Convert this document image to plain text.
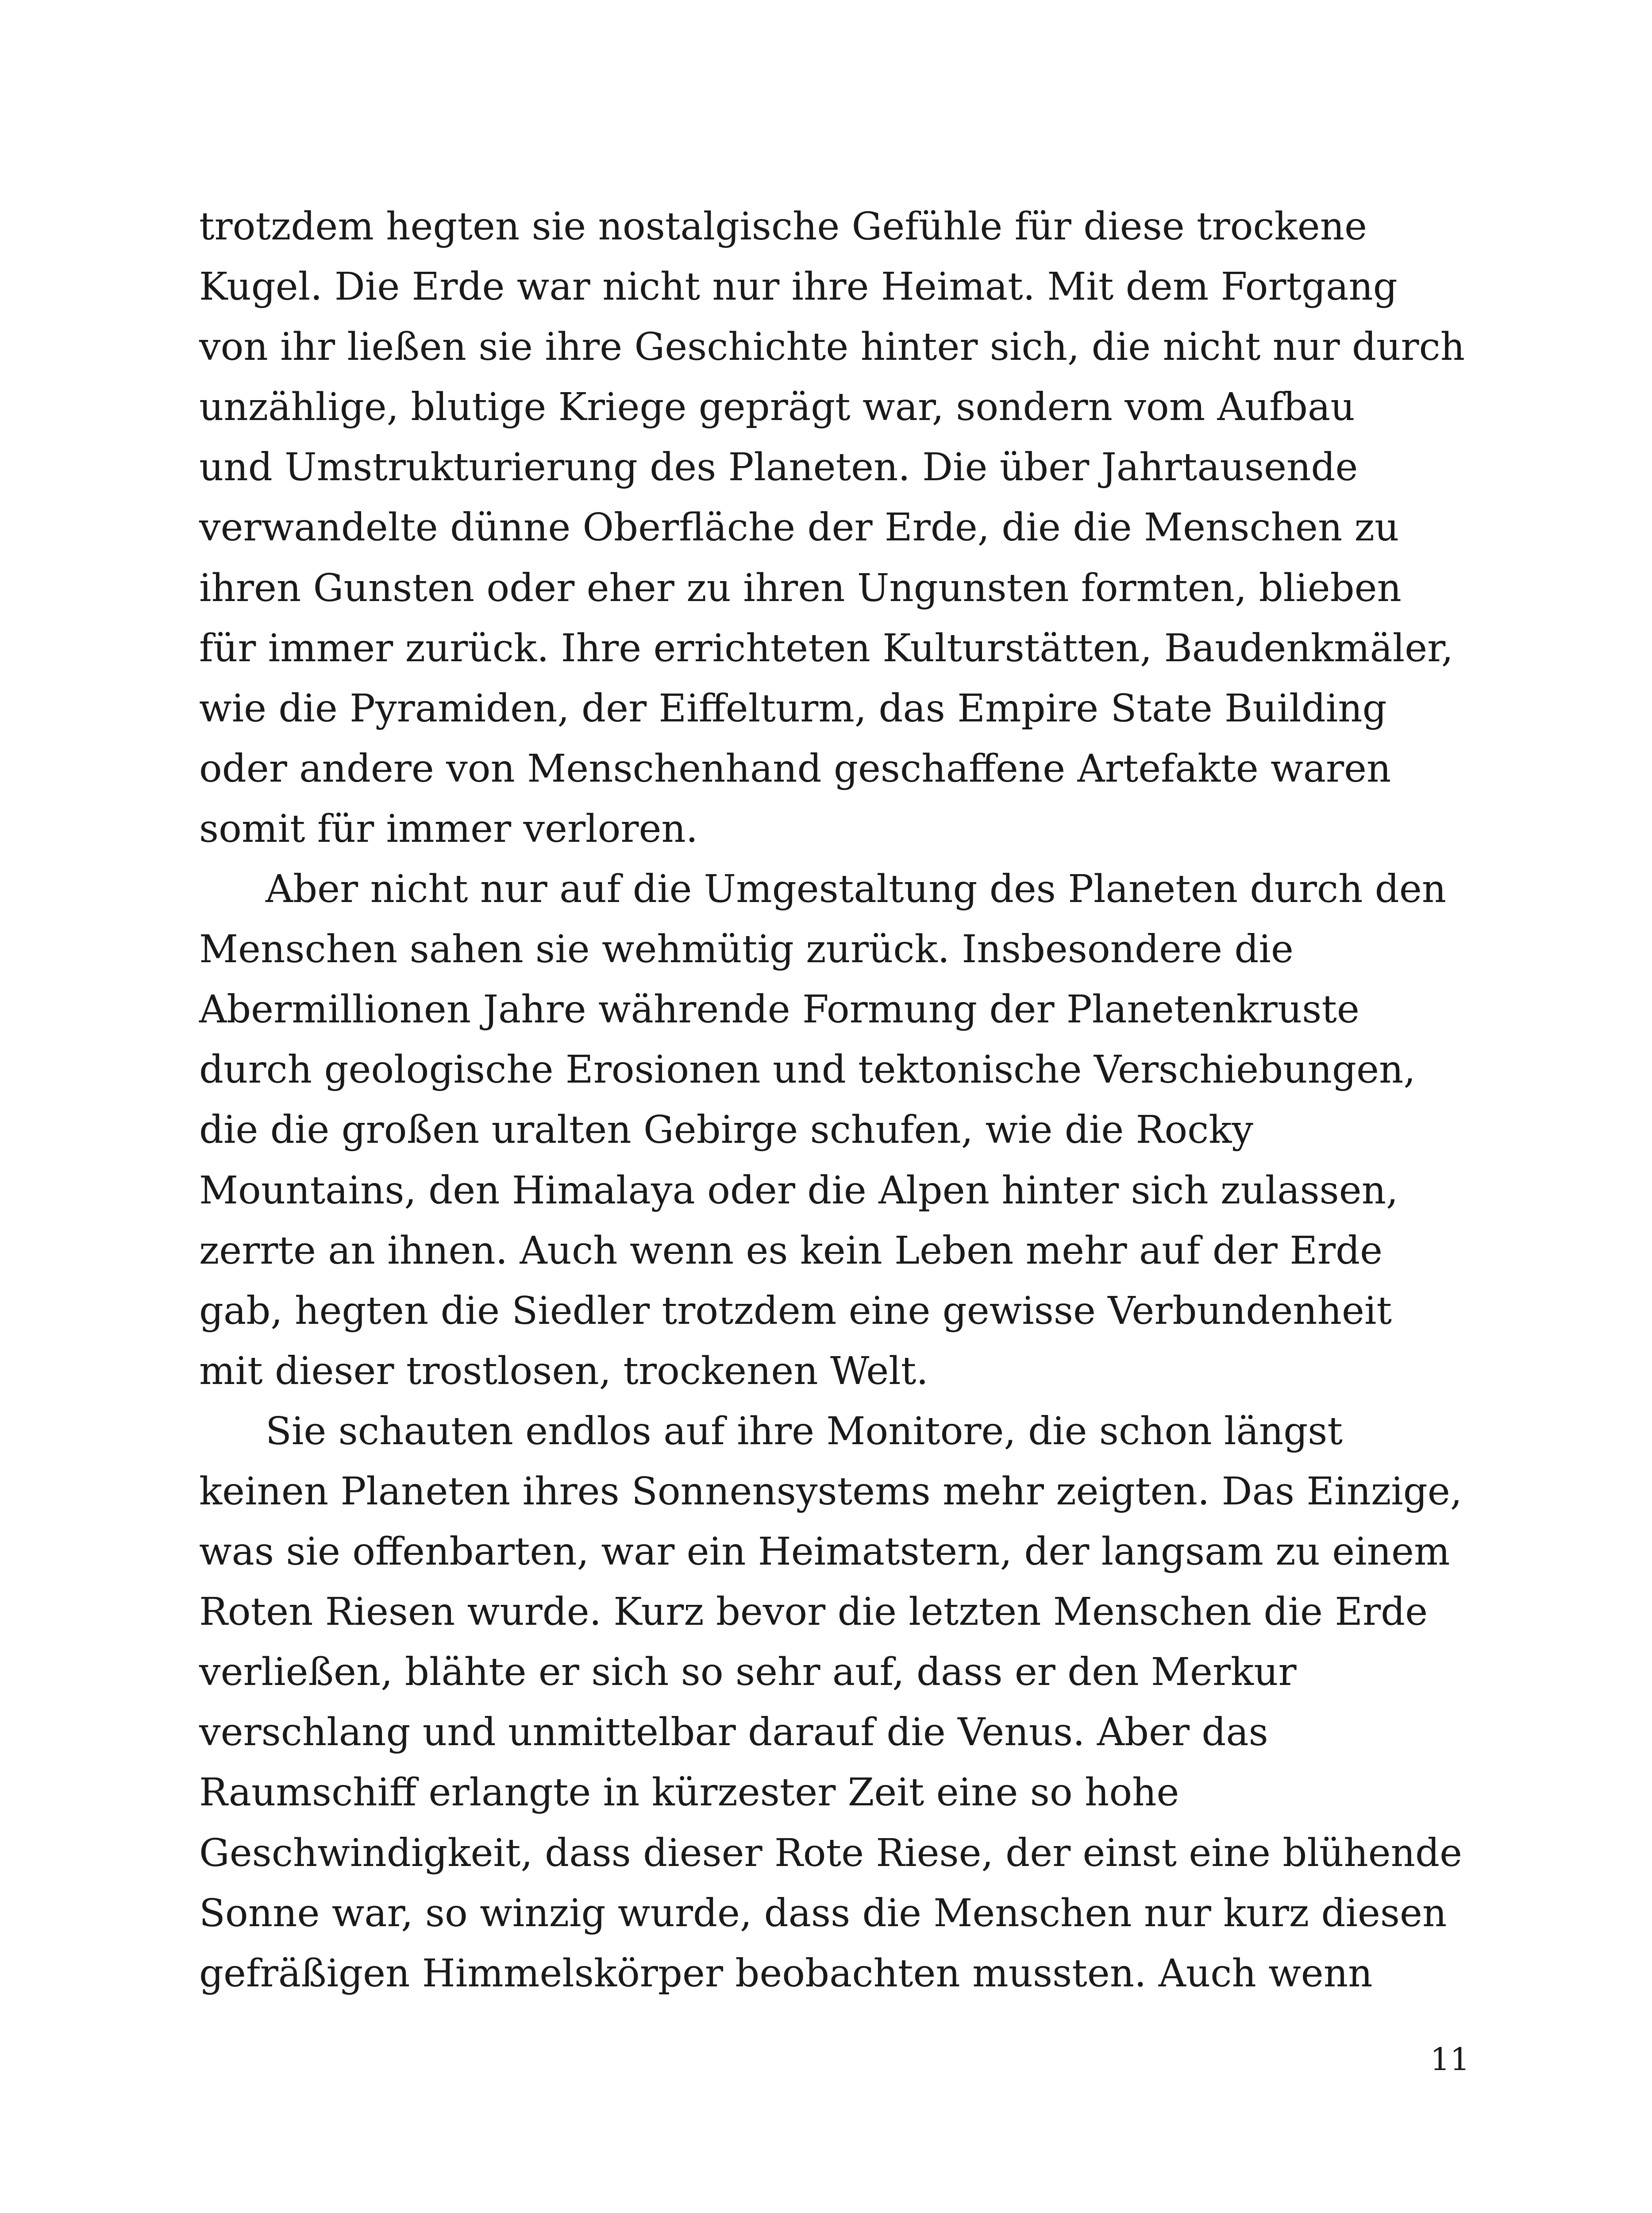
trotzdem hegten sie nostalgische Gefühle für diese trockene
Kugel. Die Erde war nicht nur ihre Heimat. Mit dem Fortgang
von ihr ließen sie ihre Geschichte hinter sich, die nicht nur durch
unzählige, blutige Kriege geprägt war, sondern vom Aufbau
und Umstrukturierung des Planeten. Die über Jahrtausende
verwandelte dünne Oberfläche der Erde, die die Menschen zu
ihren Gunsten oder eher zu ihren Ungunsten formten, blieben
für immer zurück. Ihre errichteten Kulturstätten, Baudenkmäler,
wie die Pyramiden, der Eiffelturm, das Empire State Building
oder andere von Menschenhand geschaffene Artefakte waren
somit für immer verloren.
Aber nicht nur auf die Umgestaltung des Planeten durch den
Menschen sahen sie wehmütig zurück. Insbesondere die
Abermillionen Jahre währende Formung der Planetenkruste
durch geologische Erosionen und tektonische Verschiebungen,
die die großen uralten Gebirge schufen, wie die Rocky
Mountains, den Himalaya oder die Alpen hinter sich zulassen,
zerrte an ihnen. Auch wenn es kein Leben mehr auf der Erde
gab, hegten die Siedler trotzdem eine gewisse Verbundenheit
mit dieser trostlosen, trockenen Welt.
Sie schauten endlos auf ihre Monitore, die schon längst
keinen Planeten ihres Sonnensystems mehr zeigten. Das Einzige,
was sie offenbarten, war ein Heimatstern, der langsam zu einem
Roten Riesen wurde. Kurz bevor die letzten Menschen die Erde
verließen, blähte er sich so sehr auf, dass er den Merkur
verschlang und unmittelbar darauf die Venus. Aber das
Raumschiff erlangte in kürzester Zeit eine so hohe
Geschwindigkeit, dass dieser Rote Riese, der einst eine blühende
Sonne war, so winzig wurde, dass die Menschen nur kurz diesen
gefräßigen Himmelskörper beobachten mussten. Auch wenn
11
